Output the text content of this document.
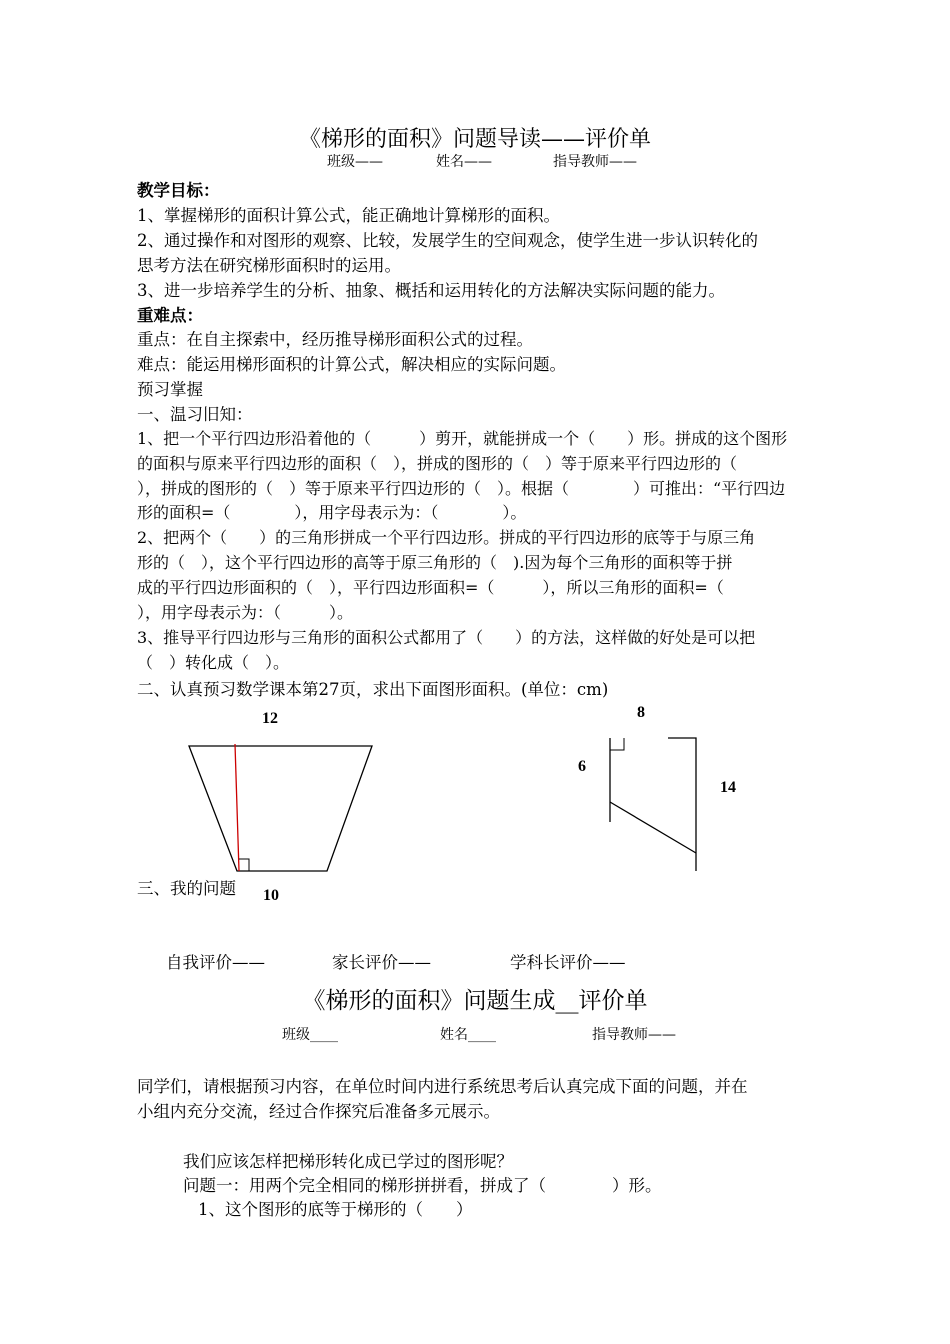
《梯形的面积》问题导读——评价单
班级——	姓名——	指导教师——
教学目标：
1、掌握梯形的面积计算公式，能正确地计算梯形的面积。
2、通过操作和对图形的观察、比较，发展学生的空间观念，使学生进一步认识转化的
思考方法在研究梯形面积时的运用。
3、进一步培养学生的分析、抽象、概括和运用转化的方法解决实际问题的能力。
重难点：
重点：在自主探索中，经历推导梯形面积公式的过程。
难点：能运用梯形面积的计算公式，解决相应的实际问题。
预习掌握
一、温习旧知：
1、把一个平行四边形沿着他的（　　　）剪开，就能拼成一个（　　）形。拼成的这个图形
的面积与原来平行四边形的面积（　），拼成的图形的（　）等于原来平行四边形的（
），拼成的图形的（　）等于原来平行四边形的（　）。根据（　　　　）可推出：“平行四边
形的面积=（　　　　），用字母表示为：（　　　　）。
2、把两个（　　）的三角形拼成一个平行四边形。拼成的平行四边形的底等于与原三角
形的（　），这个平行四边形的高等于原三角形的（　).因为每个三角形的面积等于拼
成的平行四边形面积的（　），平行四边形面积=（　　　），所以三角形的面积=（
），用字母表示为：（　　　）。
3、推导平行四边形与三角形的面积公式都用了（　　）的方法，这样做的好处是可以把
（　）转化成（　）。
二、认真预习数学课本第27页，求出下面图形面积。(单位：cm)
12
10
8
6
14
三、我的问题
自我评价——	家长评价——	学科长评价——
《梯形的面积》问题生成__评价单
班级____	姓名____	指导教师——
同学们，请根据预习内容，在单位时间内进行系统思考后认真完成下面的问题，并在
小组内充分交流，经过合作探究后准备多元展示。
我们应该怎样把梯形转化成已学过的图形呢？
问题一：用两个完全相同的梯形拼拼看，拼成了（　　　　）形。
1、这个图形的底等于梯形的（　　）
